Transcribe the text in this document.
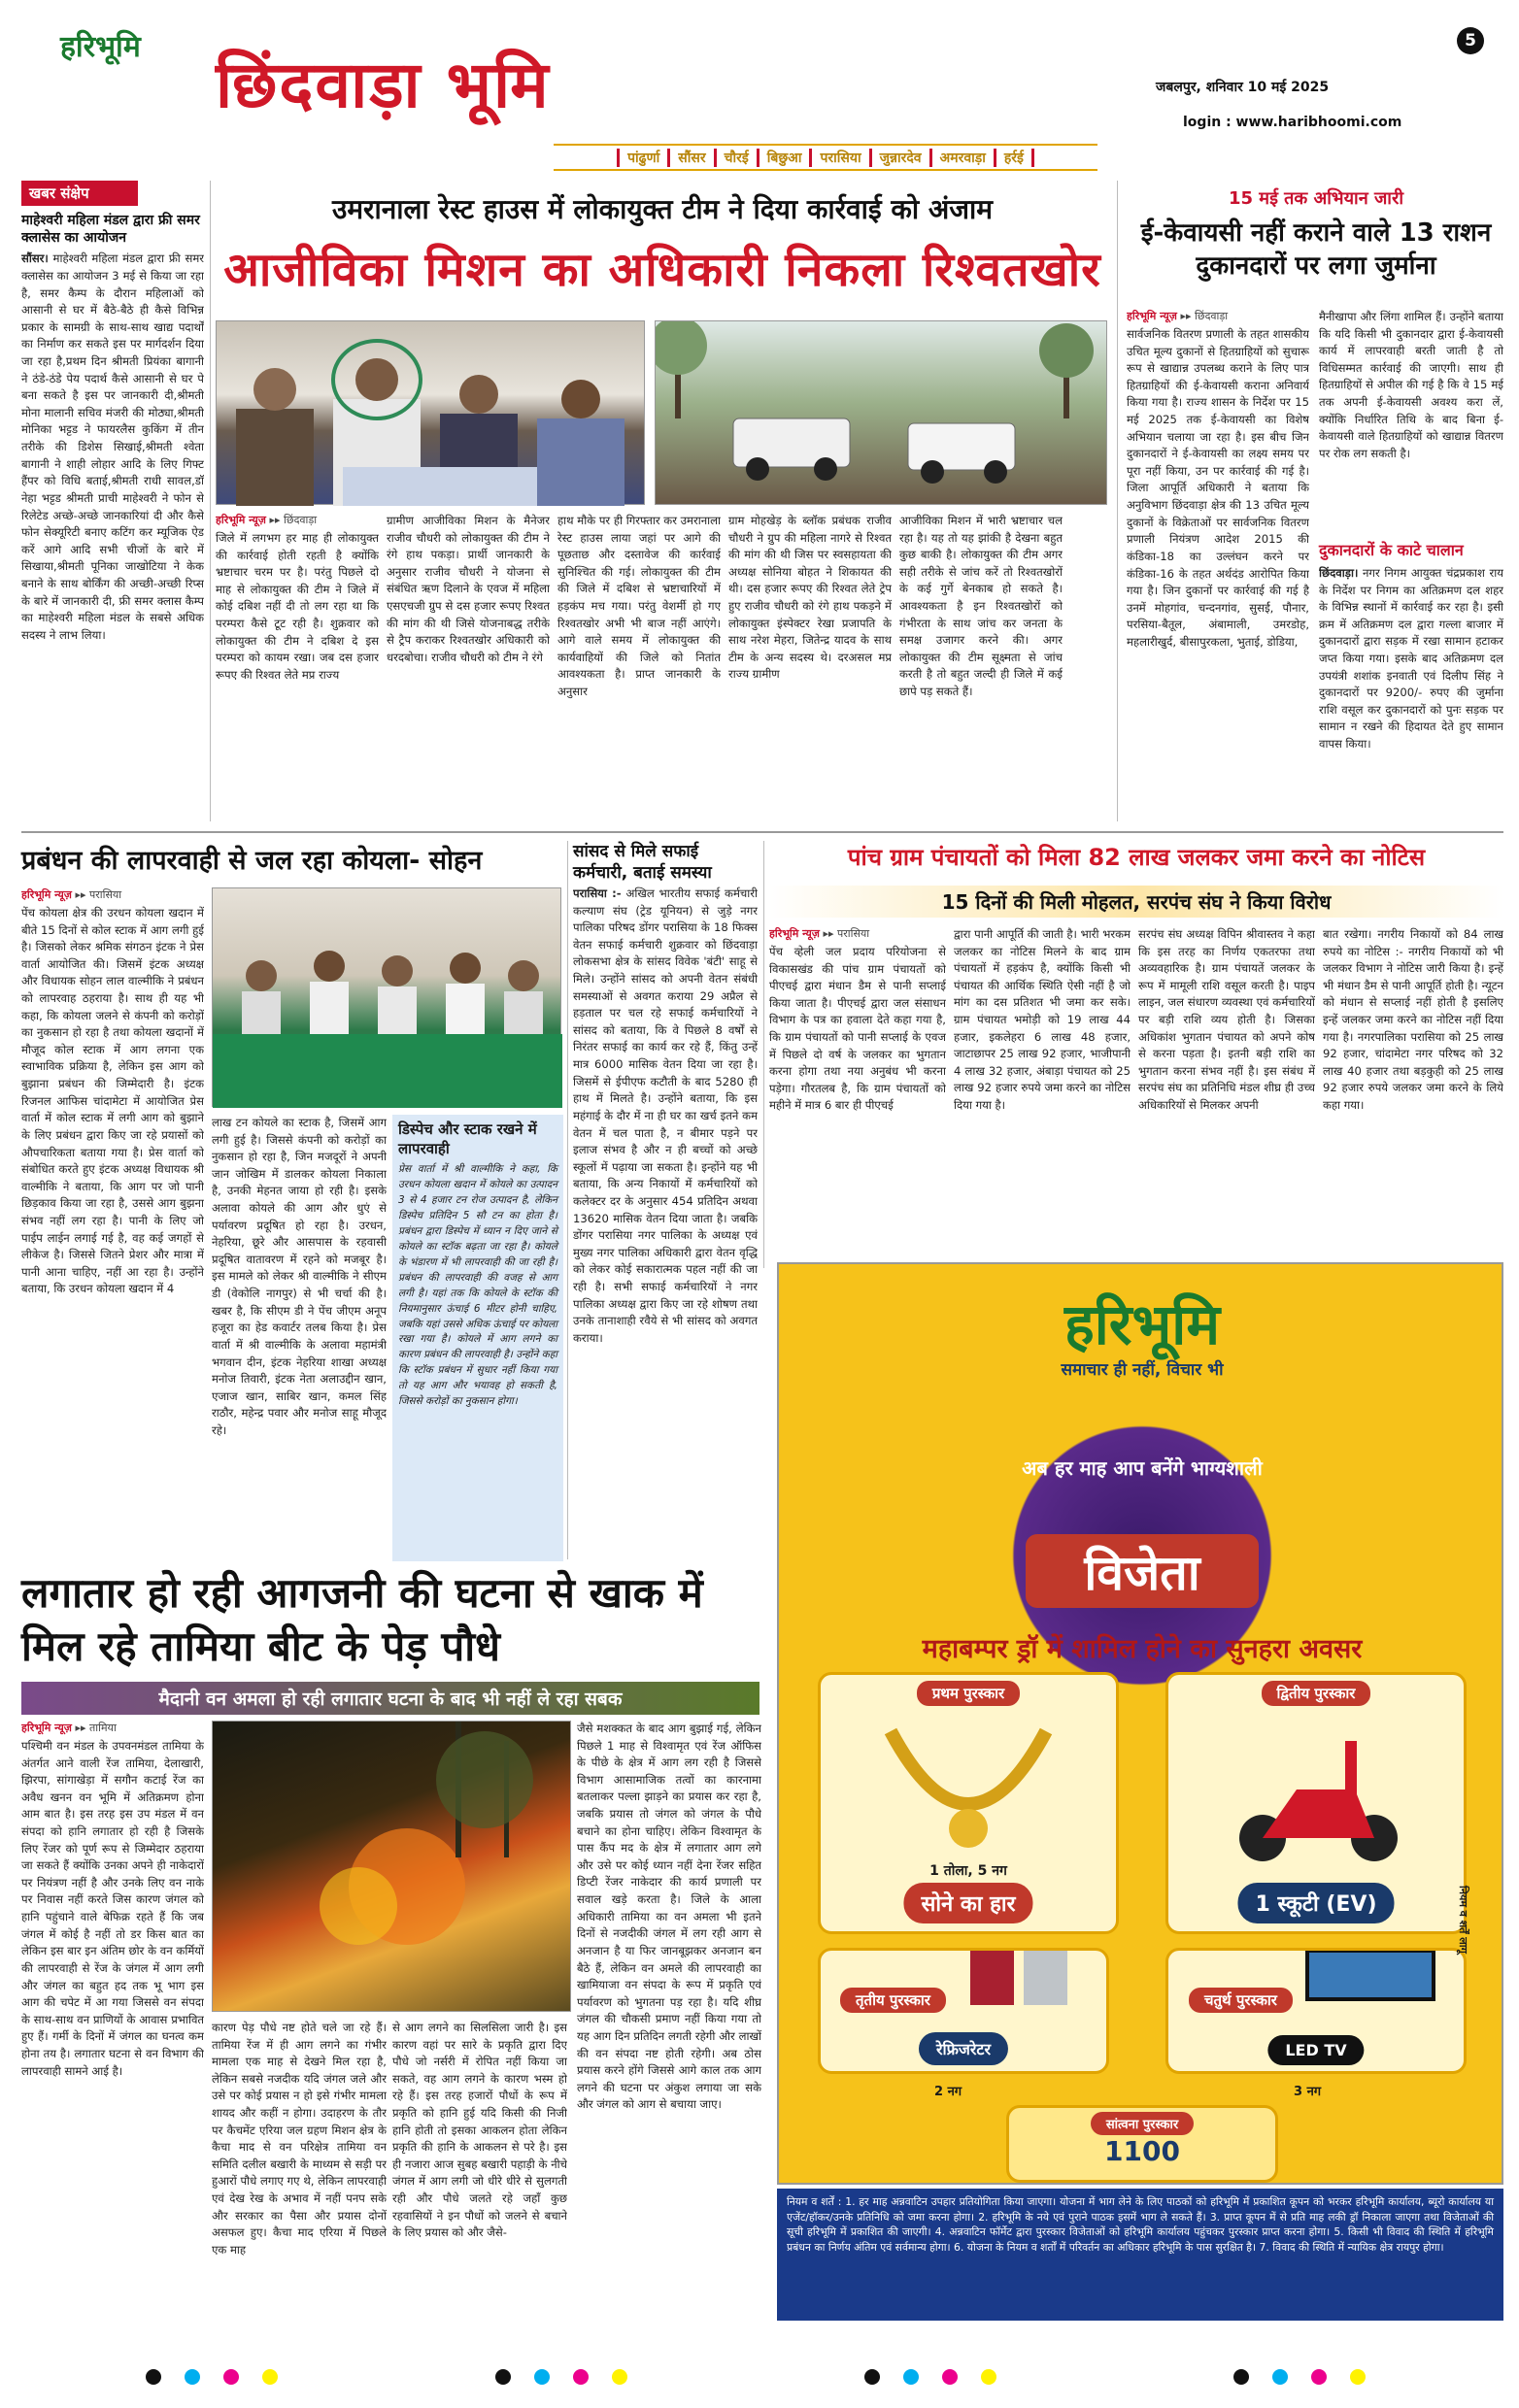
हरिभूमि छिंदवाड़ा भूमि
5
जबलपुर, शनिवार 10 मई 2025
login : www.haribhoomi.com
पांढुर्णा	सौंसर	चौरई	बिछुआ	परासिया	जुन्नारदेव	अमरवाड़ा	हर्रई
खबर संक्षेप
माहेश्वरी महिला मंडल द्वारा फ्री समर क्लासेस का आयोजन

सौंसर। माहेश्वरी महिला मंडल द्वारा फ्री समर क्लासेस का आयोजन 3 मई से किया जा रहा है, समर कैम्प के दौरान महिलाओं को आसानी से घर में बैठे-बैठे ही कैसे विभिन्न प्रकार के सामग्री के साथ-साथ खाद्य पदार्थों का निर्माण कर सकते इस पर मार्गदर्शन दिया जा रहा है,प्रथम दिन श्रीमती प्रियंका बागानी ने ठंडे-ठंडे पेय पदार्थ कैसे आसानी से घर पे बना सकते है इस पर जानकारी दी,श्रीमती मोना मालानी सचिव मंजरी की मोठ्या,श्रीमती मोनिका भट्टड ने फायरलैस कुकिंग में तीन तरीके की डिशेस सिखाई,श्रीमती श्वेता बागानी ने शाही लोहार आदि के लिए गिफ्ट हैंपर को विधि बताई,श्रीमती राधी सावल,डॉ नेहा भट्टड श्रीमती प्राची माहेश्वरी ने फोन से रिलेटेड अच्छे-अच्छे जानकारियां दी और कैसे फोन सेक्यूरिटी बनाए कटिंग कर म्यूजिक ऐड करें आगे आदि सभी चीजों के बारे में सिखाया,श्रीमती पूनिका जाखोटिया ने केक बनाने के साथ बोर्किंग की अच्छी-अच्छी रिप्स के बारे में जानकारी दी, फ्री समर क्लास कैम्प का माहेश्वरी महिला मंडल के सबसे अधिक सदस्य ने लाभ लिया।

उमरानाला रेस्ट हाउस में लोकायुक्त टीम ने दिया कार्रवाई को अंजाम
आजीविका मिशन का अधिकारी निकला रिश्वतखोर
हरिभूमि न्यूज़ ▸▸ छिंदवाड़ा

जिले में लगभग हर माह ही लोकायुक्त की कार्रवाई होती रहती है क्योंकि भ्रष्टाचार चरम पर है। परंतु पिछले दो माह से लोकायुक्त की टीम ने जिले में कोई दबिश नहीं दी तो लग रहा था कि परम्परा कैसे टूट रही है। शुक्रवार को लोकायुक्त की टीम ने दबिश दे इस परम्परा को कायम रखा। जब दस हजार रूपए की रिश्वत लेते मप्र राज्य

ग्रामीण आजीविका मिशन के मैनेजर राजीव चौधरी को लोकायुक्त की टीम ने रंगे हाथ पकड़ा। प्रार्थी जानकारी के अनुसार राजीव चौधरी ने योजना से संबंधित ऋण दिलाने के एवज में महिला एसएचजी ग्रुप से दस हजार रूपए रिश्वत की मांग की थी जिसे योजनाबद्ध तरीके से ट्रैप कराकर रिश्वतखोर अधिकारी को धरदबोचा। राजीव चौधरी को टीम ने रंगे

हाथ मौके पर ही गिरफ्तार कर उमरानाला रेस्ट हाउस लाया जहां पर आगे की पूछताछ और दस्तावेज की कार्रवाई सुनिश्चित की गई। लोकायुक्त की टीम की जिले में दबिश से भ्रष्टाचारियों में हड़कंप मच गया। परंतु वेशर्मी हो गए रिश्वतखोर अभी भी बाज नहीं आएंगे। आगे वाले समय में लोकायुक्त की कार्यवाहियों की जिले को नितांत आवश्यकता है। प्राप्त जानकारी के अनुसार

ग्राम मोहखेड़ के ब्लॉक प्रबंधक राजीव चौधरी ने ग्रुप की महिला नागरे से रिश्वत की मांग की थी जिस पर स्वसहायता की अध्यक्ष सोनिया बोहत ने शिकायत की थी। दस हजार रूपए की रिश्वत लेते ट्रेप हुए राजीव चौधरी को रंगे हाथ पकड़ने में लोकायुक्त इंस्पेक्टर रेखा प्रजापति के साथ नरेश मेहरा, जितेन्द्र यादव के साथ टीम के अन्य सदस्य थे। दरअसल मप्र राज्य ग्रामीण

आजीविका मिशन में भारी भ्रष्टाचार चल रहा है। यह तो यह झांकी है देखना बहुत कुछ बाकी है। लोकायुक्त की टीम अगर सही तरीके से जांच करें तो रिश्वतखोरों के कई गुर्गे बेनकाब हो सकते है। आवश्यकता है इन रिश्वतखोरों को गंभीरता के साथ जांच कर जनता के समक्ष उजागर करने की। अगर लोकायुक्त की टीम सूक्ष्मता से जांच करती है तो बहुत जल्दी ही जिले में कई छापे पड़ सकते हैं।

15 मई तक अभियान जारी
ई-केवायसी नहीं कराने वाले 13 राशन दुकानदारों पर लगा जुर्माना
हरिभूमि न्यूज़ ▸▸ छिंदवाड़ा

सार्वजनिक वितरण प्रणाली के तहत शासकीय उचित मूल्य दुकानों से हितग्राहियों को सुचारू रूप से खाद्यान्न उपलब्ध कराने के लिए पात्र हितग्राहियों की ई-केवायसी कराना अनिवार्य किया गया है। राज्य शासन के निर्देश पर 15 मई 2025 तक ई-केवायसी का विशेष अभियान चलाया जा रहा है। इस बीच जिन दुकानदारों ने ई-केवायसी का लक्ष्य समय पर पूरा नहीं किया, उन पर कार्रवाई की गई है। जिला आपूर्ति अधिकारी ने बताया कि अनुविभाग छिंदवाड़ा क्षेत्र की 13 उचित मूल्य दुकानों के विक्रेताओं पर सार्वजनिक वितरण प्रणाली नियंत्रण आदेश 2015 की कंडिका-18 का उल्लंघन करने पर कंडिका-16 के तहत अर्थदंड आरोपित किया गया है। जिन दुकानों पर कार्रवाई की गई है उनमें मोहगांव, चन्दनगांव, सुसर्ई, पौनार, परसिया-बैतूल, अंबामाली, उमरडोह, महलारीखुर्द, बीसापुरकला, भुताई, डोडिया,

मैनीखापा और लिंगा शामिल हैं। उन्होंने बताया कि यदि किसी भी दुकानदार द्वारा ई-केवायसी कार्य में लापरवाही बरती जाती है तो विधिसम्मत कार्रवाई की जाएगी। साथ ही हितग्राहियों से अपील की गई है कि वे 15 मई तक अपनी ई-केवायसी अवश्य करा लें, क्योंकि निर्धारित तिथि के बाद बिना ई-केवायसी वाले हितग्राहियों को खाद्यान्न वितरण पर रोक लग सकती है।

दुकानदारों के काटे चालान

छिंदवाड़ा। नगर निगम आयुक्त चंद्रप्रकाश राय के निर्देश पर निगम का अतिक्रमण दल शहर के विभिन्न स्थानों में कार्रवाई कर रहा है। इसी क्रम में अतिक्रमण दल द्वारा गल्ला बाजार में दुकानदारों द्वारा सड़क में रखा सामान हटाकर जप्त किया गया। इसके बाद अतिक्रमण दल उपयंत्री शशांक इनवाती एवं दिलीप सिंह ने दुकानदारों पर 9200/- रुपए की जुर्माना राशि वसूल कर दुकानदारों को पुनः सड़क पर सामान न रखने की हिदायत देते हुए सामान वापस किया।

प्रबंधन की लापरवाही से जल रहा कोयला- सोहन
हरिभूमि न्यूज़ ▸▸ परासिया

पेंच कोयला क्षेत्र की उरधन कोयला खदान में बीते 15 दिनों से कोल स्टाक में आग लगी हुई है। जिसको लेकर श्रमिक संगठन इंटक ने प्रेस वार्ता आयोजित की। जिसमें इंटक अध्यक्ष और विधायक सोहन लाल वाल्मीकि ने प्रबंधन को लापरवाह ठहराया है। साथ ही यह भी कहा, कि कोयला जलने से कंपनी को करोड़ों का नुकसान हो रहा है तथा कोयला खदानों में मौजूद कोल स्टाक में आग लगना एक स्वाभाविक प्रक्रिया है, लेकिन इस आग को बुझाना प्रबंधन की जिम्मेदारी है। इंटक रिजनल आफिस चांदामेटा में आयोजित प्रेस वार्ता में कोल स्टाक में लगी आग को बुझाने के लिए प्रबंधन द्वारा किए जा रहे प्रयासों को औपचारिकता बताया गया है। प्रेस वार्ता को संबोधित करते हुए इंटक अध्यक्ष विधायक श्री वाल्मीकि ने बताया, कि आग पर जो पानी छिड़काव किया जा रहा है, उससे आग बुझना संभव नहीं लग रहा है। पानी के लिए जो पाईप लाईन लगाई गई है, वह कई जगहों से लीकेज है। जिससे जितने प्रेशर और मात्रा में पानी आना चाहिए, नहीं आ रहा है। उन्होंने बताया, कि उरधन कोयला खदान में 4

लाख टन कोयले का स्टाक है, जिसमें आग लगी हुई है। जिससे कंपनी को करोड़ों का नुकसान हो रहा है, जिन मजदूरों ने अपनी जान जोखिम में डालकर कोयला निकाला है, उनकी मेहनत जाया हो रही है। इसके अलावा कोयले की आग और धुएं से पर्यावरण प्रदूषित हो रहा है। उरधन, नेहरिया, छूरे और आसपास के रहवासी प्रदूषित वातावरण में रहने को मजबूर है। इस मामले को लेकर श्री वाल्मीकि ने सीएम डी (वेकोलि नागपुर) से भी चर्चा की है। खबर है, कि सीएम डी ने पेंच जीएम अनूप हजूरा का हेड कवार्टर तलब किया है। प्रेस वार्ता में श्री वाल्मीकि के अलावा महामंत्री भगवान दीन, इंटक नेहरिया शाखा अध्यक्ष मनोज तिवारी, इंटक नेता अलाउद्दीन खान, एजाज खान, साबिर खान, कमल सिंह राठौर, महेन्द्र पवार और मनोज साहू मौजूद रहे।

डिस्पेच और स्टाक रखने में लापरवाही

प्रेस वार्ता में श्री वाल्मीकि ने कहा, कि उरधन कोयला खदान में कोयले का उत्पादन 3 से 4 हजार टन रोज उत्पादन है, लेकिन डिस्पेच प्रतिदिन 5 सौ टन का होता है। प्रबंधन द्वारा डिस्पेच में ध्यान न दिए जाने से कोयले का स्टॉक बढ़ता जा रहा है। कोयले के भंडारण में भी लापरवाही की जा रही है। प्रबंधन की लापरवाही की वजह से आग लगी है। यहां तक कि कोयले के स्टॉक की नियमानुसार ऊंचाई 6 मीटर होनी चाहिए, जबकि यहां उससे अधिक ऊंचाई पर कोयला रखा गया है। कोयले में आग लगने का कारण प्रबंधन की लापरवाही है। उन्होंने कहा कि स्टॉक प्रबंधन में सुधार नहीं किया गया तो यह आग और भयावह हो सकती है, जिससे करोड़ों का नुकसान होगा।

सांसद से मिले सफाई कर्मचारी, बताई समस्या

परासिया :- अखिल भारतीय सफाई कर्मचारी कल्याण संघ (ट्रेड यूनियन) से जुड़े नगर पालिका परिषद डोंगर परासिया के 18 फिक्स वेतन सफाई कर्मचारी शुक्रवार को छिंदवाड़ा लोकसभा क्षेत्र के सांसद विवेक 'बंटी' साहू से मिले। उन्होंने सांसद को अपनी वेतन संबंधी समस्याओं से अवगत कराया 29 अप्रैल से हड़ताल पर चल रहे सफाई कर्मचारियों ने सांसद को बताया, कि वे पिछले 8 वर्षों से निरंतर सफाई का कार्य कर रहे हैं, किंतु उन्हें मात्र 6000 मासिक वेतन दिया जा रहा है। जिसमें से ईपीएफ कटौती के बाद 5280 ही हाथ में मिलते है। उन्होंने बताया, कि इस महंगाई के दौर में ना ही घर का खर्च इतने कम वेतन में चल पाता है, न बीमार पड़ने पर इलाज संभव है और न ही बच्चों को अच्छे स्कूलों में पढ़ाया जा सकता है। इन्होंने यह भी बताया, कि अन्य निकायों में कर्मचारियों को कलेक्टर दर के अनुसार 454 प्रतिदिन अथवा 13620 मासिक वेतन दिया जाता है। जबकि डोंगर परासिया नगर पालिका के अध्यक्ष एवं मुख्य नगर पालिका अधिकारी द्वारा वेतन वृद्धि को लेकर कोई सकारात्मक पहल नहीं की जा रही है। सभी सफाई कर्मचारियों ने नगर पालिका अध्यक्ष द्वारा किए जा रहे शोषण तथा उनके तानाशाही रवैये से भी सांसद को अवगत कराया।

पांच ग्राम पंचायतों को मिला 82 लाख जलकर जमा करने का नोटिस
15 दिनों की मिली मोहलत, सरपंच संघ ने किया विरोध
हरिभूमि न्यूज़ ▸▸ परासिया

पेंच व्हेली जल प्रदाय परियोजना से विकासखंड की पांच ग्राम पंचायतों को पीएचई द्वारा मंधान डैम से पानी सप्लाई किया जाता है। पीएचई द्वारा जल संसाधन विभाग के पत्र का हवाला देते कहा गया है, कि ग्राम पंचायतों को पानी सप्लाई के एवज में पिछले दो वर्ष के जलकर का भुगतान करना होगा तथा नया अनुबंध भी करना पड़ेगा। गौरतलब है, कि ग्राम पंचायतों को महीने में मात्र 6 बार ही पीएचई

द्वारा पानी आपूर्ति की जाती है। भारी भरकम जलकर का नोटिस मिलने के बाद ग्राम पंचायतों में हड़कंप है, क्योंकि किसी भी पंचायत की आर्थिक स्थिति ऐसी नहीं है जो मांग का दस प्रतिशत भी जमा कर सके। ग्राम पंचायत भमोड़ी को 19 लाख 44 हजार, इकलेहरा 6 लाख 48 हजार, जाटाछापर 25 लाख 92 हजार, भाजीपानी 4 लाख 32 हजार, अंबाड़ा पंचायत को 25 लाख 92 हजार रुपये जमा करने का नोटिस दिया गया है।

सरपंच संघ अध्यक्ष विपिन श्रीवास्तव ने कहा कि इस तरह का निर्णय एकतरफा तथा अव्यवहारिक है। ग्राम पंचायतें जलकर के रूप में मामूली राशि वसूल करती है। पाइप लाइन, जल संधारण व्यवस्था एवं कर्मचारियों पर बड़ी राशि व्यय होती है। जिसका अधिकांश भुगतान पंचायत को अपने कोष से करना पड़ता है। इतनी बड़ी राशि का भुगतान करना संभव नहीं है। इस संबंध में सरपंच संघ का प्रतिनिधि मंडल शीघ्र ही उच्च अधिकारियों से मिलकर अपनी

बात रखेगा। नगरीय निकायों को 84 लाख रुपये का नोटिस :- नगरीय निकायों को भी जलकर विभाग ने नोटिस जारी किया है। इन्हें भी मंधान डैम से पानी आपूर्ति होती है। न्यूटन को मंधान से सप्लाई नहीं होती है इसलिए इन्हें जलकर जमा करने का नोटिस नहीं दिया गया है। नगरपालिका परासिया को 25 लाख 92 हजार, चांदामेटा नगर परिषद को 32 लाख 40 हजार तथा बड़कुही को 25 लाख 92 हजार रुपये जलकर जमा करने के लिये कहा गया।

हरिभूमि
समाचार ही नहीं, विचार भी
अब हर माह आप बनेंगे भाग्यशाली
विजेता
महाबम्पर ड्रॉ में शामिल होने का सुनहरा अवसर
प्रथम पुरस्कार
1 तोला, 5 नग
सोने का हार
द्वितीय पुरस्कार
1 स्कूटी (EV)
तृतीय पुरस्कार
रेफ्रिजरेटर
2 नग
चतुर्थ पुरस्कार
LED TV
3 नग
सांत्वना पुरस्कार
1100
नियम व शर्तें लागू

नियम व शर्तें : 1. हर माह अन्नवाटिन उपहार प्रतियोगिता किया जाएगा। योजना में भाग लेने के लिए पाठकों को हरिभूमि में प्रकाशित कूपन को भरकर हरिभूमि कार्यालय, ब्यूरो कार्यालय या एजेंट/हॉकर/उनके प्रतिनिधि को जमा करना होगा। 2. हरिभूमि के नये एवं पुराने पाठक इसमें भाग ले सकते हैं। 3. प्राप्त कूपन में से प्रति माह लकी ड्रॉ निकाला जाएगा तथा विजेताओं की सूची हरिभूमि में प्रकाशित की जाएगी। 4. अन्नवाटिन फॉर्मेट द्वारा पुरस्कार विजेताओं को हरिभूमि कार्यालय पहुंचकर पुरस्कार प्राप्त करना होगा। 5. किसी भी विवाद की स्थिति में हरिभूमि प्रबंधन का निर्णय अंतिम एवं सर्वमान्य होगा। 6. योजना के नियम व शर्तों में परिवर्तन का अधिकार हरिभूमि के पास सुरक्षित है। 7. विवाद की स्थिति में न्यायिक क्षेत्र रायपुर होगा।

लगातार हो रही आगजनी की घटना से खाक में मिल रहे तामिया बीट के पेड़ पौधे
मैदानी वन अमला हो रही लगातार घटना के बाद भी नहीं ले रहा सबक
हरिभूमि न्यूज़ ▸▸ तामिया

पश्चिमी वन मंडल के उपवनमंडल तामिया के अंतर्गत आने वाली रेंज तामिया, देलाखारी, झिरपा, सांगाखेड़ा में सगौन कटाई रेंज का अवैध खनन वन भूमि में अतिक्रमण होना आम बात है। इस तरह इस उप मंडल में वन संपदा को हानि लगातार हो रही है जिसके लिए रेंजर को पूर्ण रूप से जिम्मेदार ठहराया जा सकते हैं क्योंकि उनका अपने ही नाकेदारों पर नियंत्रण नहीं है और उनके लिए वन नाके पर निवास नहीं करते जिस कारण जंगल को हानि पहुंचाने वाले बेफिक्र रहते हैं कि जब जंगल में कोई है नहीं तो डर किस बात का लेकिन इस बार इन अंतिम छोर के वन कर्मियों की लापरवाही से रेंज के जंगल में आग लगी और जंगल का बहुत हद तक भू भाग इस आग की चपेट में आ गया जिससे वन संपदा के साथ-साथ वन प्राणियों के आवास प्रभावित हुए हैं। गर्मी के दिनों में जंगल का घनत्व कम होना तय है। लगातार घटना से वन विभाग की लापरवाही सामने आई है।

कारण पेड़ पौधे नष्ट होते चले जा रहे हैं। तामिया रेंज में ही आग लगने का गंभीर मामला एक माह से देखने मिल रहा है, लेकिन सबसे नजदीक यदि जंगल जले और उसे पर कोई प्रयास न हो इसे गंभीर मामला शायद और कहीं न होगा। उदाहरण के तौर पर कैचमेंट एरिया जल ग्रहण मिशन क्षेत्र के कैचा माद से वन परिक्षेत्र तामिया वन समिति दलील बखारी के माध्यम से सड़ी पर हुआरों पौधे लगाए गए थे, लेकिन लापरवाही एवं देख रेख के अभाव में नहीं पनप सके और सरकार का पैसा और प्रयास दोनों असफल हुए। कैचा माद एरिया में पिछले एक माह

से आग लगने का सिलसिला जारी है। इस कारण वहां पर सारे के प्रकृति द्वारा दिए पौधे जो नर्सरी में रोपित नहीं किया जा सकते, वह आग लगने के कारण भस्म हो रहे हैं। इस तरह हजारों पौधों के रूप में प्रकृति को हानि हुई यदि किसी की निजी हानि होती तो इसका आकलन होता लेकिन प्रकृति की हानि के आकलन से परे है। इस ही नजारा आज सुबह बखारी पहाड़ी के नीचे जंगल में आग लगी जो धीरे धीरे से सुलगती रही और पौधे जलते रहे जहाँ कुछ रहवासियों ने इन पौधों को जलने से बचाने के लिए प्रयास को और जैसे-

जैसे मशक्कत के बाद आग बुझाई गई, लेकिन पिछले 1 माह से विश्वामृत एवं रेंज ऑफिस के पीछे के क्षेत्र में आग लग रही है जिससे विभाग आसामाजिक तत्वों का कारनामा बतलाकर पल्ला झाड़ने का प्रयास कर रहा है, जबकि प्रयास तो जंगल को जंगल के पौधे बचाने का होना चाहिए। लेकिन विश्वामृत के पास कैंप मद के क्षेत्र में लगातार आग लगे और उसे पर कोई ध्यान नहीं देना रेंजर सहित डिप्टी रेंजर नाकेदार की कार्य प्रणाली पर सवाल खड़े करता है। जिले के आला अधिकारी तामिया का वन अमला भी इतने दिनों से नजदीकी जंगल में लग रही आग से अनजान है या फिर जानबूझकर अनजान बन बैठे हैं, लेकिन वन अमले की लापरवाही का खामियाजा वन संपदा के रूप में प्रकृति एवं पर्यावरण को भुगतना पड़ रहा है। यदि शीघ्र जंगल की चौकसी प्रमाण नहीं किया गया तो यह आग दिन प्रतिदिन लगती रहेगी और लाखों की वन संपदा नष्ट होती रहेगी। अब ठोस प्रयास करने होंगे जिससे आगे काल तक आग लगने की घटना पर अंकुश लगाया जा सके और जंगल को आग से बचाया जाए।
